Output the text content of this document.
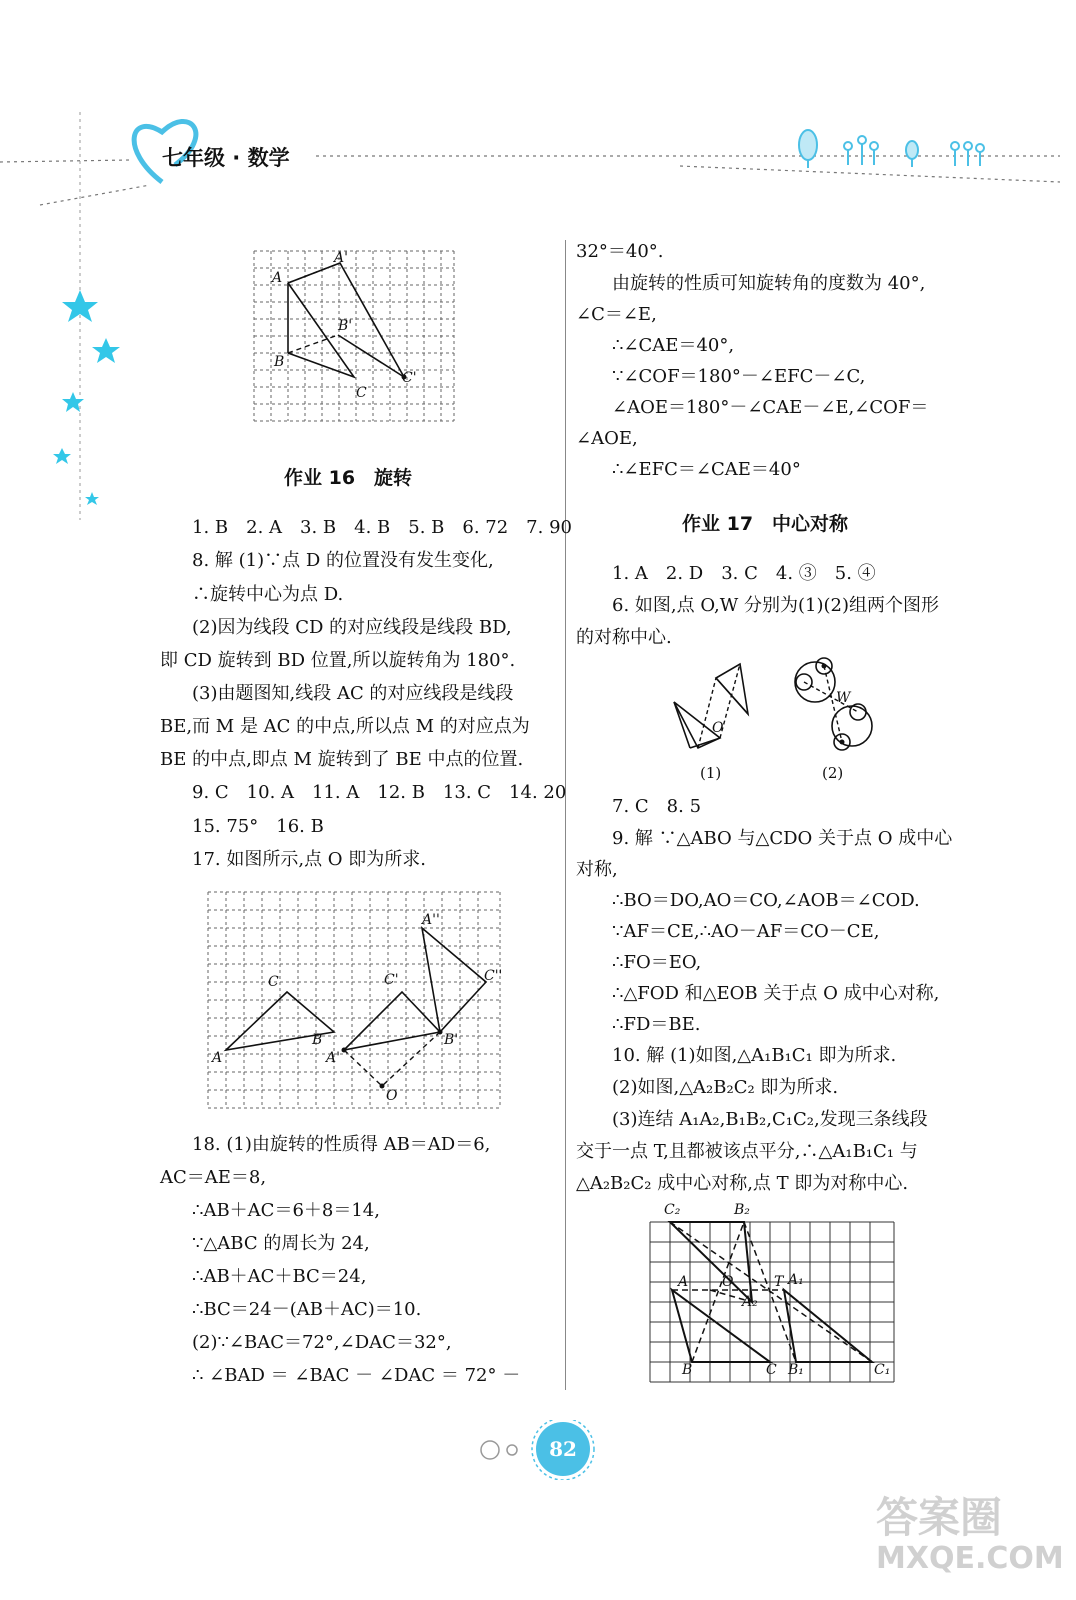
七年级 · 数学
A
A'
B
B'
C
C'
作业 16　旋转
1. B　2. A　3. B　4. B　5. B　6. 72　7. 90
8. 解 (1)∵点 D 的位置没有发生变化,
∴旋转中心为点 D.
(2)因为线段 CD 的对应线段是线段 BD,
即 CD 旋转到 BD 位置,所以旋转角为 180°.
(3)由题图知,线段 AC 的对应线段是线段
BE,而 M 是 AC 的中点,所以点 M 的对应点为
BE 的中点,即点 M 旋转到了 BE 中点的位置.
9. C　10. A　11. A　12. B　13. C　14. 20
15. 75°　16. B
17. 如图所示,点 O 即为所求.
A
B
C
A'
B'
C'
A''
C''
O
18. (1)由旋转的性质得 AB＝AD＝6,
AC＝AE＝8,
∴AB＋AC＝6＋8＝14,
∵△ABC 的周长为 24,
∴AB＋AC＋BC＝24,
∴BC＝24－(AB＋AC)＝10.
(2)∵∠BAC＝72°,∠DAC＝32°,
∴ ∠BAD ＝ ∠BAC － ∠DAC ＝ 72° －
32°＝40°.
由旋转的性质可知旋转角的度数为 40°,
∠C＝∠E,
∴∠CAE＝40°,
∵∠COF＝180°－∠EFC－∠C,
∠AOE＝180°－∠CAE－∠E,∠COF＝
∠AOE,
∴∠EFC＝∠CAE＝40°
作业 17　中心对称
1. A　2. D　3. C　4. ③　5. ④
6. 如图,点 O,W 分别为(1)(2)组两个图形
的对称中心.
O
W
(1)	(2)
7. C　8. 5
9. 解 ∵△ABO 与△CDO 关于点 O 成中心
对称,
∴BO＝DO,AO＝CO,∠AOB＝∠COD.
∵AF＝CE,∴AO－AF＝CO－CE,
∴FO＝EO,
∴△FOD 和△EOB 关于点 O 成中心对称,
∴FD＝BE.
10. 解 (1)如图,△A₁B₁C₁ 即为所求.
(2)如图,△A₂B₂C₂ 即为所求.
(3)连结 A₁A₂,B₁B₂,C₁C₂,发现三条线段
交于一点 T,且都被该点平分,∴△A₁B₁C₁ 与
△A₂B₂C₂ 成中心对称,点 T 即为对称中心.
C₂	B₂
A O	T A₁
A₂
B	C B₁	C₁
82
答案圈
MXQE.COM
